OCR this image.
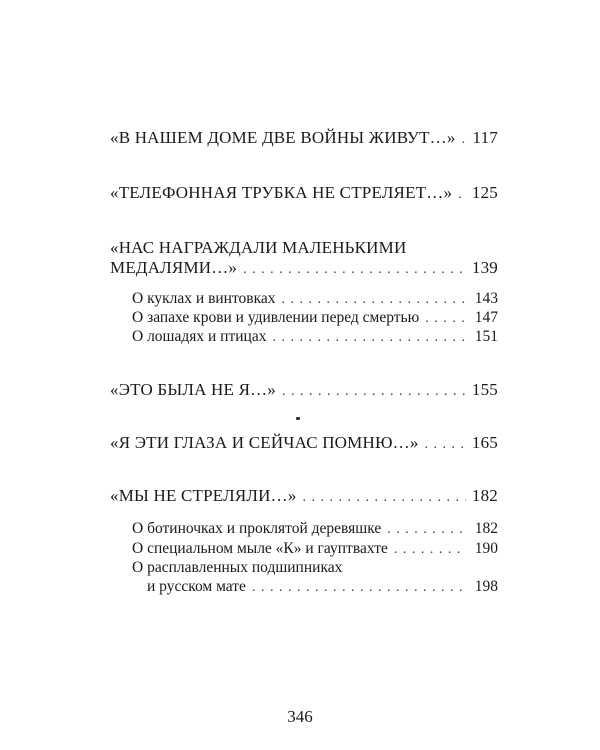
«В НАШЕМ ДОМЕ ДВЕ ВОЙНЫ ЖИВУТ…» . . . 117
«ТЕЛЕФОННАЯ ТРУБКА НЕ СТРЕЛЯЕТ…» . . . 125
«НАС НАГРАЖДАЛИ МАЛЕНЬКИМИ
МЕДАЛЯМИ…» . . .	139
О куклах и винтовках . . .	143
О запахе крови и удивлении перед смертью . . .	147
О лошадях и птицах . . .	151
«ЭТО БЫЛА НЕ Я…» . . .	155
«Я ЭТИ ГЛАЗА И СЕЙЧАС ПОМНЮ…» . . .	165
«МЫ НЕ СТРЕЛЯЛИ…» . . .	182
О ботиночках и проклятой деревяшке . . .	182
О специальном мыле «К» и гауптвахте . . .	190
О расплавленных подшипниках
и русском мате . . .	198
346
